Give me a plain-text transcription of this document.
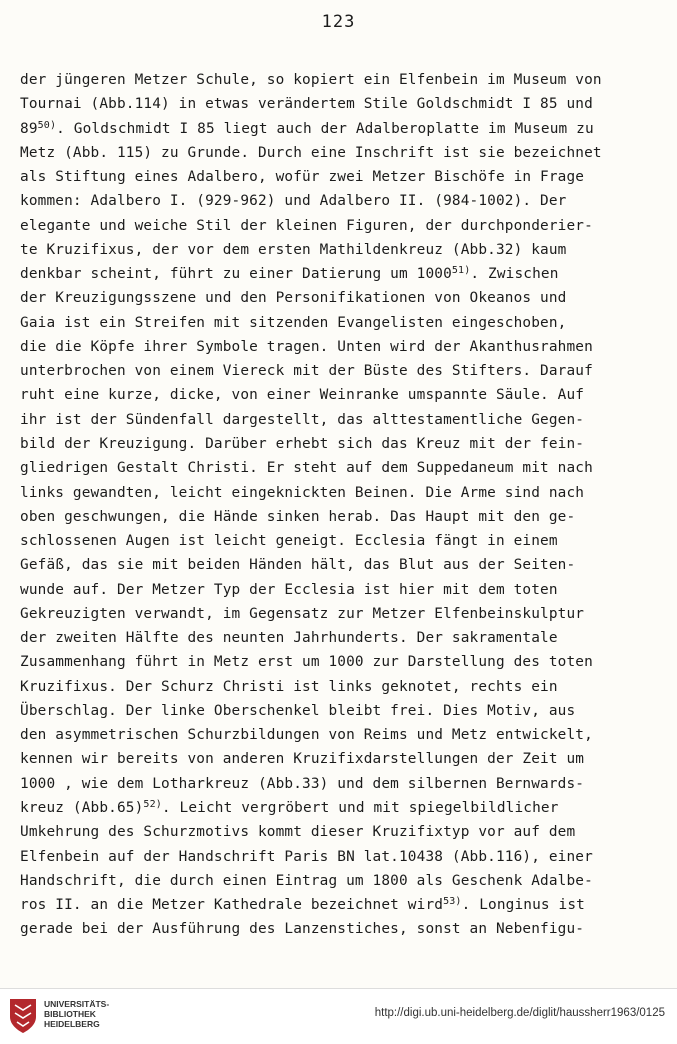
123
der jüngeren Metzer Schule, so kopiert ein Elfenbein im Museum von
Tournai (Abb.114) in etwas verändertem Stile Goldschmidt I 85 und
89$^{50)}$. Goldschmidt I 85 liegt auch der Adalberoplatte im Museum zu
Metz (Abb. 115) zu Grunde. Durch eine Inschrift ist sie bezeichnet
als Stiftung eines Adalbero, wofür zwei Metzer Bischöfe in Frage
kommen: Adalbero I. (929-962) und Adalbero II. (984-1002). Der
elegante und weiche Stil der kleinen Figuren, der durchponderier-
te Kruzifixus, der vor dem ersten Mathildenkreuz (Abb.32) kaum
denkbar scheint, führt zu einer Datierung um 1000$^{51)}$. Zwischen
der Kreuzigungsszene und den Personifikationen von Okeanos und
Gaia ist ein Streifen mit sitzenden Evangelisten eingeschoben,
die die Köpfe ihrer Symbole tragen. Unten wird der Akanthusrahmen
unterbrochen von einem Viereck mit der Büste des Stifters. Darauf
ruht eine kurze, dicke, von einer Weinranke umspannte Säule. Auf
ihr ist der Sündenfall dargestellt, das alttestamentliche Gegen-
bild der Kreuzigung. Darüber erhebt sich das Kreuz mit der fein-
gliedrigen Gestalt Christi. Er steht auf dem Suppedaneum mit nach
links gewandten, leicht eingeknickten Beinen. Die Arme sind nach
oben geschwungen, die Hände sinken herab. Das Haupt mit den ge-
schlossenen Augen ist leicht geneigt. Ecclesia fängt in einem
Gefäß, das sie mit beiden Händen hält, das Blut aus der Seiten-
wunde auf. Der Metzer Typ der Ecclesia ist hier mit dem toten
Gekreuzigten verwandt, im Gegensatz zur Metzer Elfenbeinskulptur
der zweiten Hälfte des neunten Jahrhunderts. Der sakramentale
Zusammenhang führt in Metz erst um 1000 zur Darstellung des toten
Kruzifixus. Der Schurz Christi ist links geknotet, rechts ein
Überschlag. Der linke Oberschenkel bleibt frei. Dies Motiv, aus
den asymmetrischen Schurzbildungen von Reims und Metz entwickelt,
kennen wir bereits von anderen Kruzifixdarstellungen der Zeit um
1000 , wie dem Lotharkreuz (Abb.33) und dem silbernen Bernwards-
kreuz $(Abb.65)^{52)}$. Leicht vergröbert und mit spiegelbildlicher
Umkehrung des Schurzmotivs kommt dieser Kruzifixtyp vor auf dem
Elfenbein auf der Handschrift Paris BN lat.10438 (Abb.116), einer
Handschrift, die durch einen Eintrag um 1800 als Geschenk Adalbe-
ros II. an die Metzer Kathedrale bezeichnet wird$^{53)}$. Longinus ist
gerade bei der Ausführung des Lanzenstiches, sonst an Nebenfigu-
UNIVERSITÄTS-
BIBLIOTHEK
HEIDELBERG
http://digi.ub.uni-heidelberg.de/diglit/haussherr1963/0125
